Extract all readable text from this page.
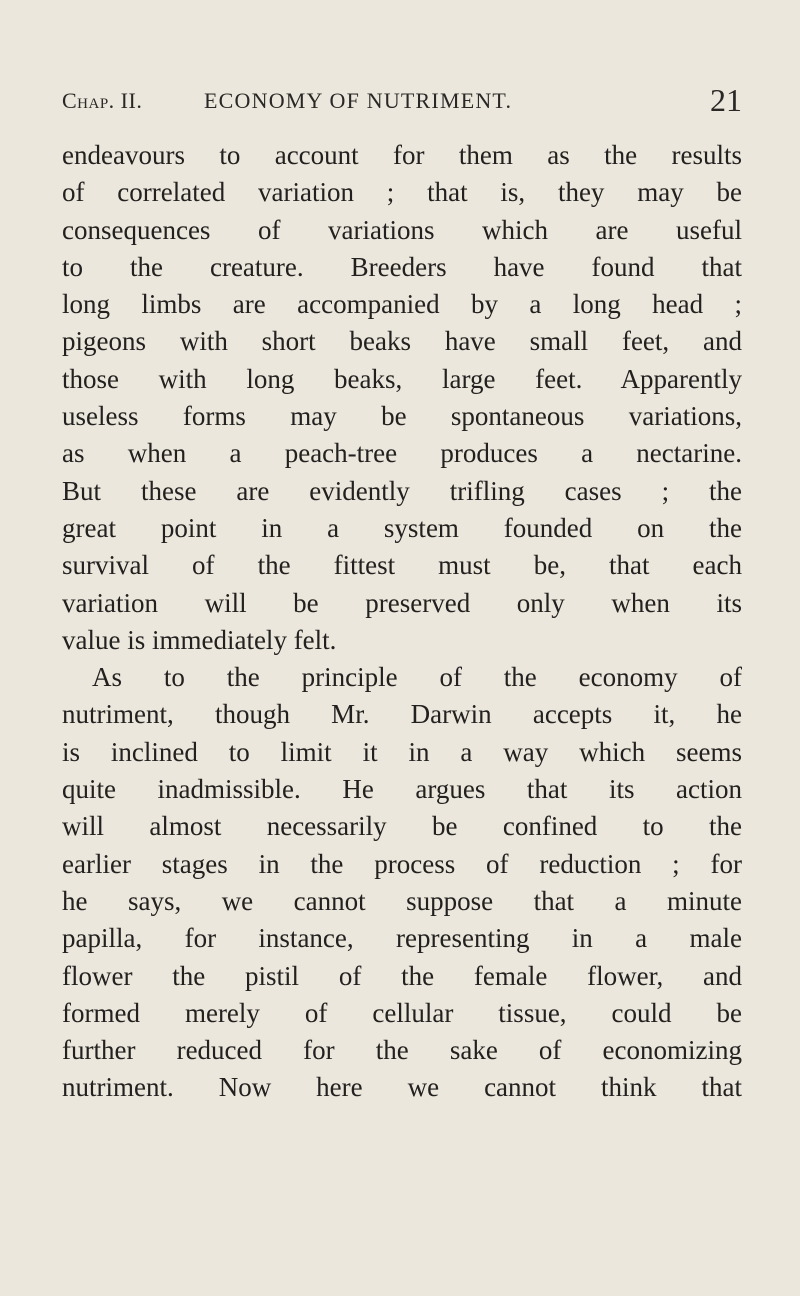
Chap. II.	ECONOMY OF NUTRIMENT.	21
endeavours to account for them as the results
of correlated variation ; that is, they may be
consequences of variations which are useful
to the creature. Breeders have found that
long limbs are accompanied by a long head ;
pigeons with short beaks have small feet, and
those with long beaks, large feet. Apparently
useless forms may be spontaneous variations,
as when a peach-tree produces a nectarine.
But these are evidently trifling cases ; the
great point in a system founded on the
survival of the fittest must be, that each
variation will be preserved only when its
value is immediately felt.
As to the principle of the economy of
nutriment, though Mr. Darwin accepts it, he
is inclined to limit it in a way which seems
quite inadmissible. He argues that its action
will almost necessarily be confined to the
earlier stages in the process of reduction ; for
he says, we cannot suppose that a minute
papilla, for instance, representing in a male
flower the pistil of the female flower, and
formed merely of cellular tissue, could be
further reduced for the sake of economizing
nutriment. Now here we cannot think that
